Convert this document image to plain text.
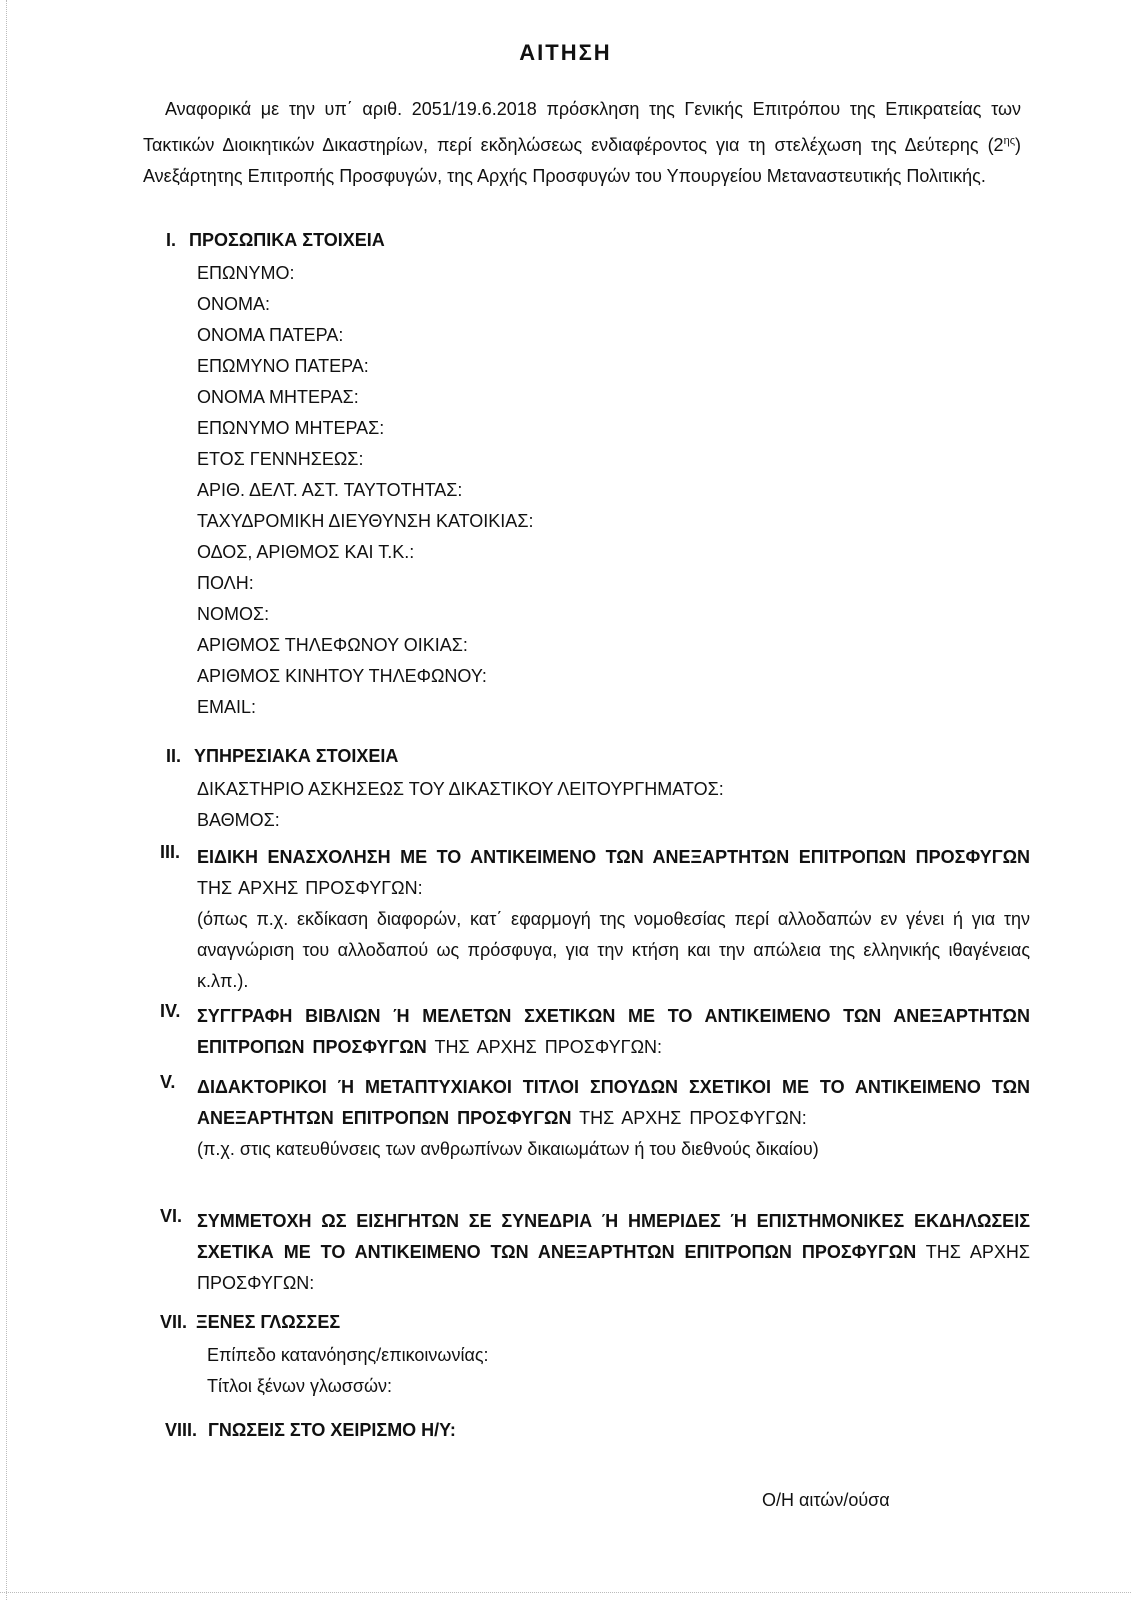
ΑΙΤΗΣΗ
Αναφορικά με την υπ΄ αριθ. 2051/19.6.2018 πρόσκληση της Γενικής Επιτρόπου της Επικρατείας των Τακτικών Διοικητικών Δικαστηρίων, περί εκδηλώσεως ενδιαφέροντος για τη στελέχωση της Δεύτερης $(2^{\eta\varsigma})$ Ανεξάρτητης Επιτροπής Προσφυγών, της Αρχής Προσφυγών του Υπουργείου Μεταναστευτικής Πολιτικής.
I. ΠΡΟΣΩΠΙΚΑ ΣΤΟΙΧΕΙΑ
ΕΠΩΝΥΜΟ:
ΟΝΟΜΑ:
ΟΝΟΜΑ ΠΑΤΕΡΑ:
ΕΠΩΜΥΝΟ ΠΑΤΕΡΑ:
ΟΝΟΜΑ ΜΗΤΕΡΑΣ:
ΕΠΩΝΥΜΟ ΜΗΤΕΡΑΣ:
ΕΤΟΣ ΓΕΝΝΗΣΕΩΣ:
ΑΡΙΘ. ΔΕΛΤ. ΑΣΤ. ΤΑΥΤΟΤΗΤΑΣ:
ΤΑΧΥΔΡΟΜΙΚΗ ΔΙΕΥΘΥΝΣΗ ΚΑΤΟΙΚΙΑΣ:
ΟΔΟΣ, ΑΡΙΘΜΟΣ ΚΑΙ Τ.Κ.:
ΠΟΛΗ:
ΝΟΜΟΣ:
ΑΡΙΘΜΟΣ ΤΗΛΕΦΩΝΟΥ ΟΙΚΙΑΣ:
ΑΡΙΘΜΟΣ ΚΙΝΗΤΟΥ ΤΗΛΕΦΩΝΟΥ:
EMAIL:
II. ΥΠΗΡΕΣΙΑΚΑ ΣΤΟΙΧΕΙΑ
ΔΙΚΑΣΤΗΡΙΟ ΑΣΚΗΣΕΩΣ ΤΟΥ ΔΙΚΑΣΤΙΚΟΥ ΛΕΙΤΟΥΡΓΗΜΑΤΟΣ:
ΒΑΘΜΟΣ:
III. ΕΙΔΙΚΗ ΕΝΑΣΧΟΛΗΣΗ ΜΕ ΤΟ ΑΝΤΙΚΕΙΜΕΝΟ ΤΩΝ ΑΝΕΞΑΡΤΗΤΩΝ ΕΠΙΤΡΟΠΩΝ ΠΡΟΣΦΥΓΩΝ ΤΗΣ ΑΡΧΗΣ ΠΡΟΣΦΥΓΩΝ:
(όπως π.χ. εκδίκαση διαφορών, κατ΄ εφαρμογή της νομοθεσίας περί αλλοδαπών εν γένει ή για την αναγνώριση του αλλοδαπού ως πρόσφυγα, για την κτήση και την απώλεια της ελληνικής ιθαγένειας κ.λπ.).
IV. ΣΥΓΓΡΑΦΗ ΒΙΒΛΙΩΝ Ή ΜΕΛΕΤΩΝ ΣΧΕΤΙΚΩΝ ΜΕ ΤΟ ΑΝΤΙΚΕΙΜΕΝΟ ΤΩΝ ΑΝΕΞΑΡΤΗΤΩΝ ΕΠΙΤΡΟΠΩΝ ΠΡΟΣΦΥΓΩΝ ΤΗΣ ΑΡΧΗΣ ΠΡΟΣΦΥΓΩΝ:
V. ΔΙΔΑΚΤΟΡΙΚΟΙ Ή ΜΕΤΑΠΤΥΧΙΑΚΟΙ ΤΙΤΛΟΙ ΣΠΟΥΔΩΝ ΣΧΕΤΙΚΟΙ ΜΕ ΤΟ ΑΝΤΙΚΕΙΜΕΝΟ ΤΩΝ ΑΝΕΞΑΡΤΗΤΩΝ ΕΠΙΤΡΟΠΩΝ ΠΡΟΣΦΥΓΩΝ ΤΗΣ ΑΡΧΗΣ ΠΡΟΣΦΥΓΩΝ:
(π.χ. στις κατευθύνσεις των ανθρωπίνων δικαιωμάτων ή του διεθνούς δικαίου)
VI. ΣΥΜΜΕΤΟΧΗ ΩΣ ΕΙΣΗΓΗΤΩΝ ΣΕ ΣΥΝΕΔΡΙΑ Ή ΗΜΕΡΙΔΕΣ Ή ΕΠΙΣΤΗΜΟΝΙΚΕΣ ΕΚΔΗΛΩΣΕΙΣ ΣΧΕΤΙΚΑ ΜΕ ΤΟ ΑΝΤΙΚΕΙΜΕΝΟ ΤΩΝ ΑΝΕΞΑΡΤΗΤΩΝ ΕΠΙΤΡΟΠΩΝ ΠΡΟΣΦΥΓΩΝ ΤΗΣ ΑΡΧΗΣ ΠΡΟΣΦΥΓΩΝ:
VII. ΞΕΝΕΣ ΓΛΩΣΣΕΣ
Επίπεδο κατανόησης/επικοινωνίας:
Τίτλοι ξένων γλωσσών:
VIII. ΓΝΩΣΕΙΣ ΣΤΟ ΧΕΙΡΙΣΜΟ Η/Υ:
Ο/Η αιτών/ούσα
